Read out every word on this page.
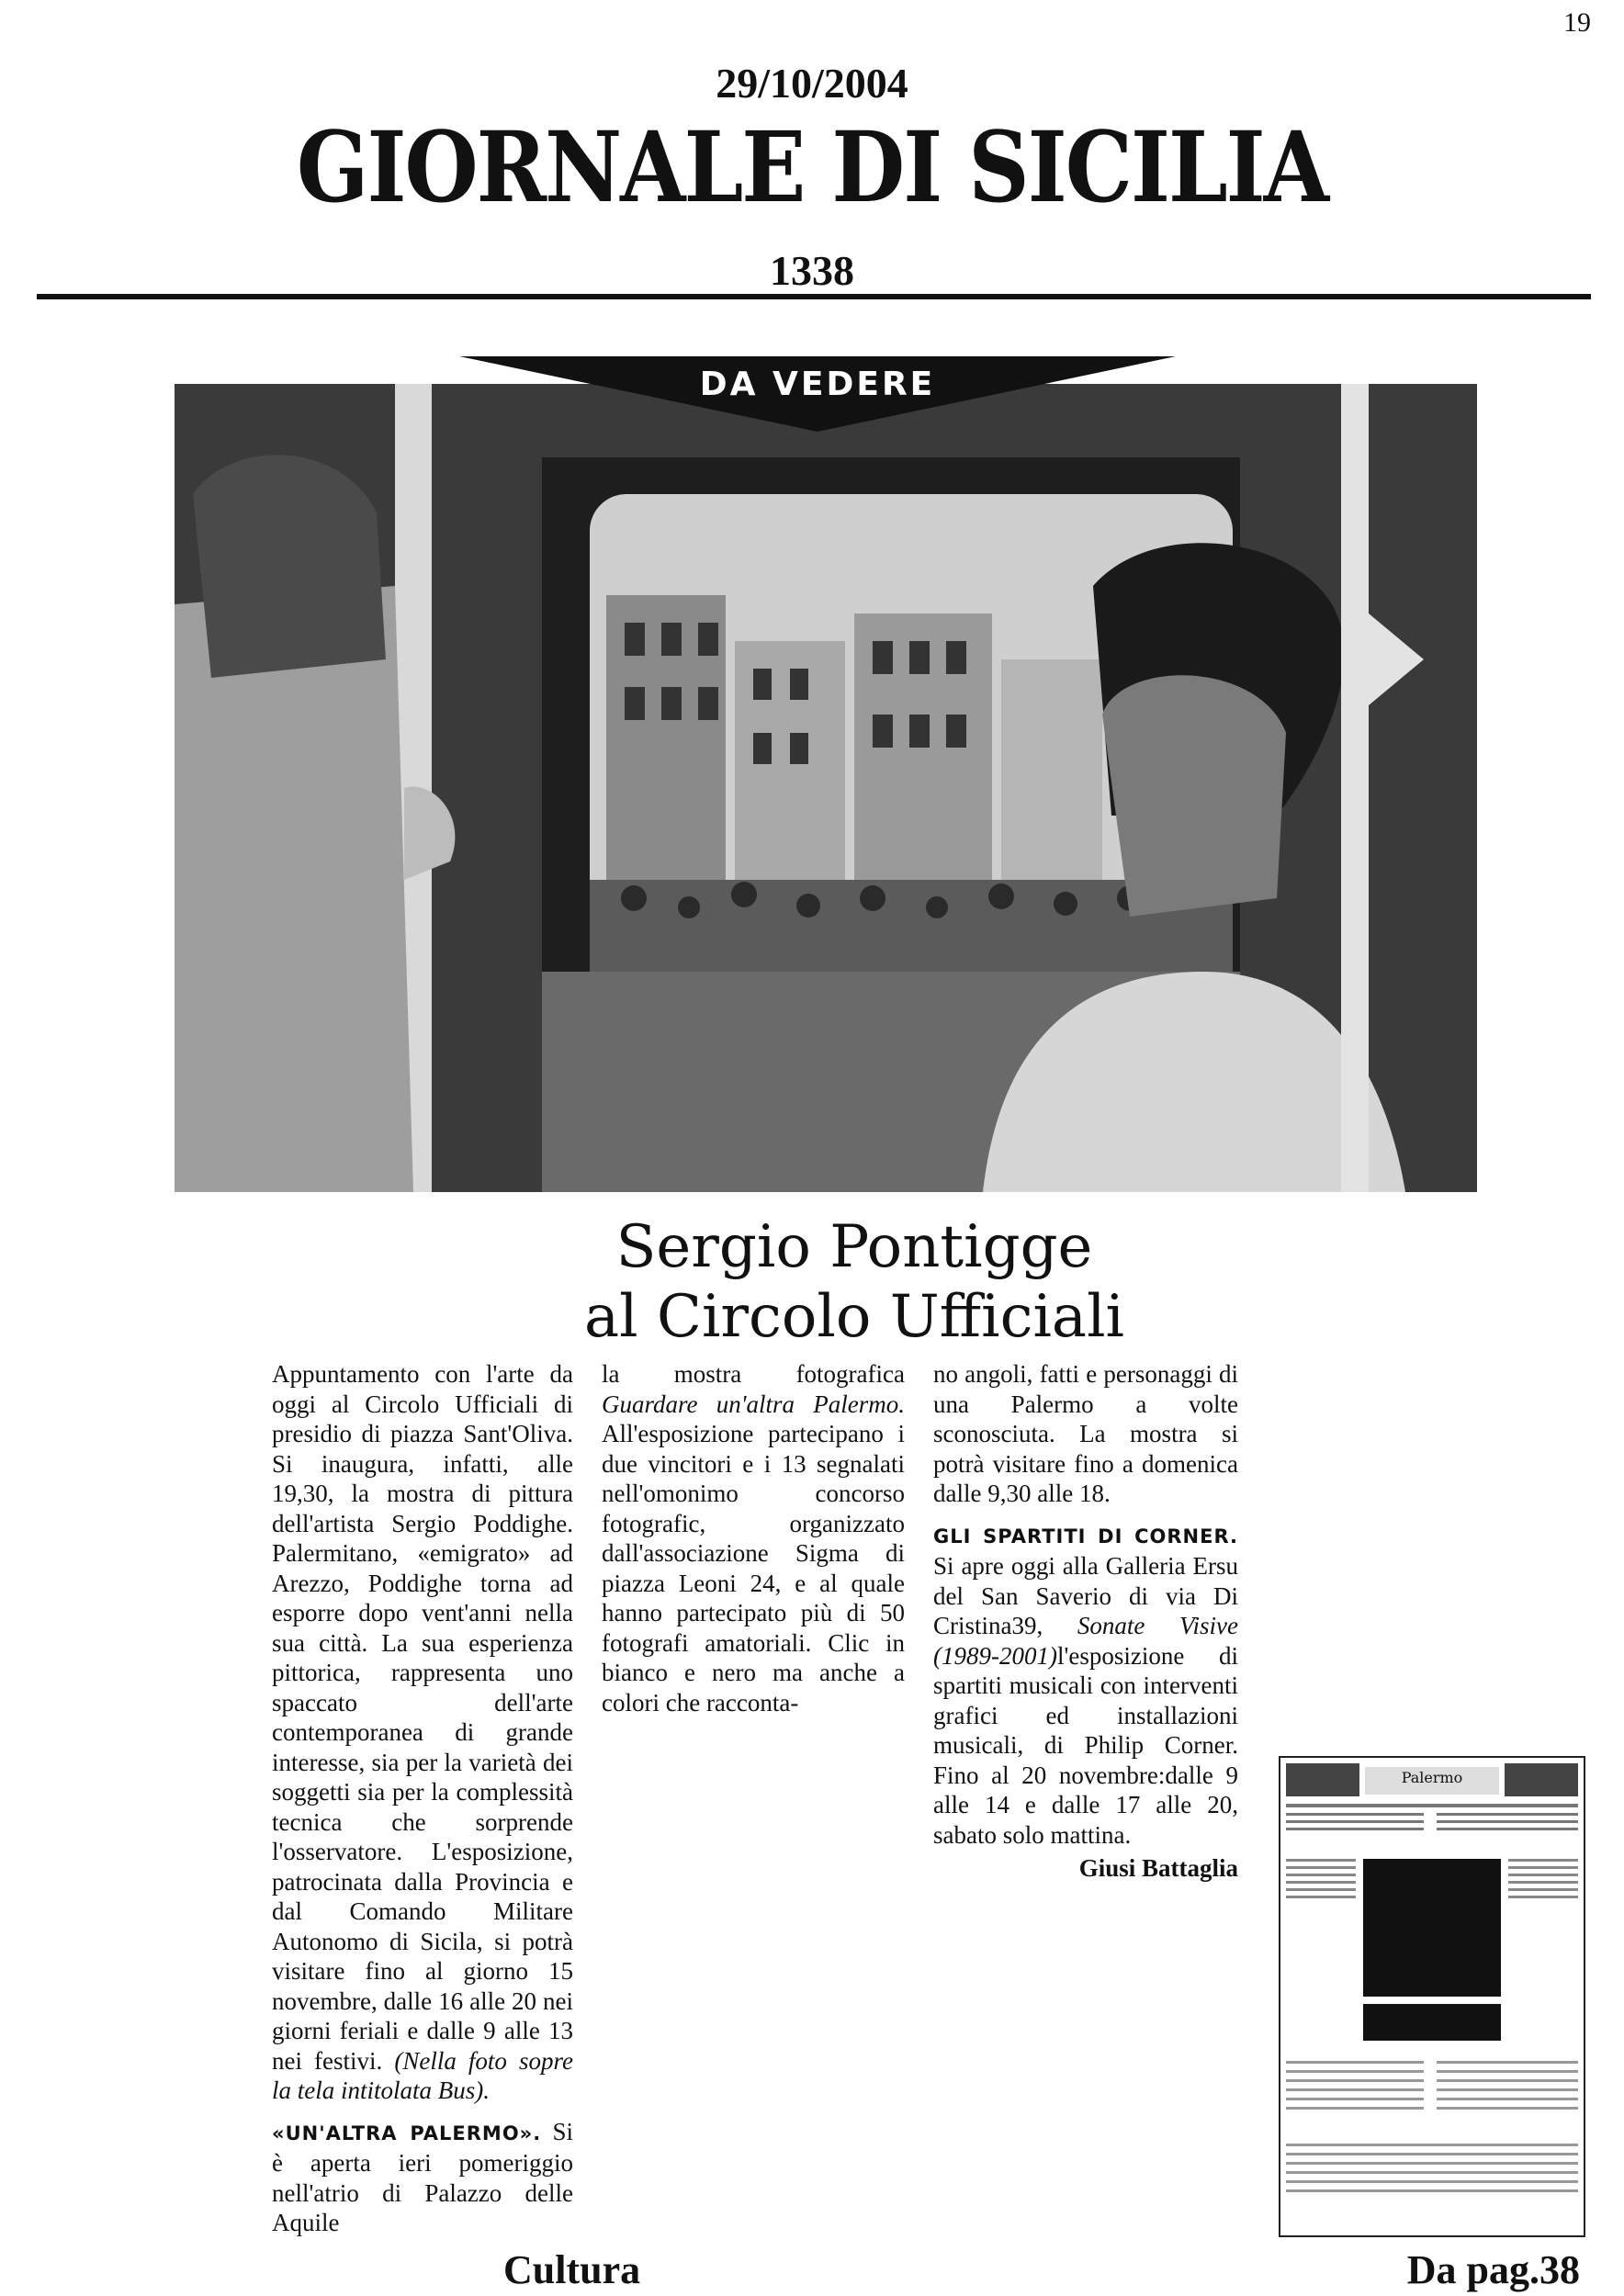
19
29/10/2004
GIORNALE DI SICILIA
1338
DA VEDERE
Sergio Pontigge
al Circolo Ufficiali

Appuntamento con l'arte da oggi al Circolo Ufficiali di presidio di piazza Sant'Oliva. Si inaugura, infatti, alle 19,30, la mostra di pittura dell'artista Sergio Poddighe. Palermitano, «emigrato» ad Arezzo, Poddighe torna ad esporre dopo vent'anni nella sua città. La sua esperienza pittorica, rappresenta uno spaccato dell'arte contemporanea di grande interesse, sia per la varietà dei soggetti sia per la complessità tecnica che sorprende l'osservatore. L'esposizione, patrocinata dalla Provincia e dal Comando Militare Autonomo di Sicila, si potrà visitare fino al giorno 15 novembre, dalle 16 alle 20 nei giorni feriali e dalle 9 alle 13 nei festivi. (Nella foto sopre la tela intitolata Bus).

«UN'ALTRA PALERMO». Si è aperta ieri pomeriggio nell'atrio di Palazzo delle Aquile

la mostra fotografica Guardare un'altra Palermo. All'esposizione partecipano i due vincitori e i 13 segnalati nell'omonimo concorso fotografic, organizzato dall'associazione Sigma di piazza Leoni 24, e al quale hanno partecipato più di 50 fotografi amatoriali. Clic in bianco e nero ma anche a colori che racconta-

no angoli, fatti e personaggi di una Palermo a volte sconosciuta. La mostra si potrà visitare fino a domenica dalle 9,30 alle 18.

GLI SPARTITI DI CORNER. Si apre oggi alla Galleria Ersu del San Saverio di via Di Cristina39, Sonate Visive (1989-2001)l'esposizione di spartiti musicali con interventi grafici ed installazioni musicali, di Philip Corner. Fino al 20 novembre:dalle 9 alle 14 e dalle 17 alle 20, sabato solo mattina.

Giusi Battaglia

Palermo
Cultura	Da pag.38
